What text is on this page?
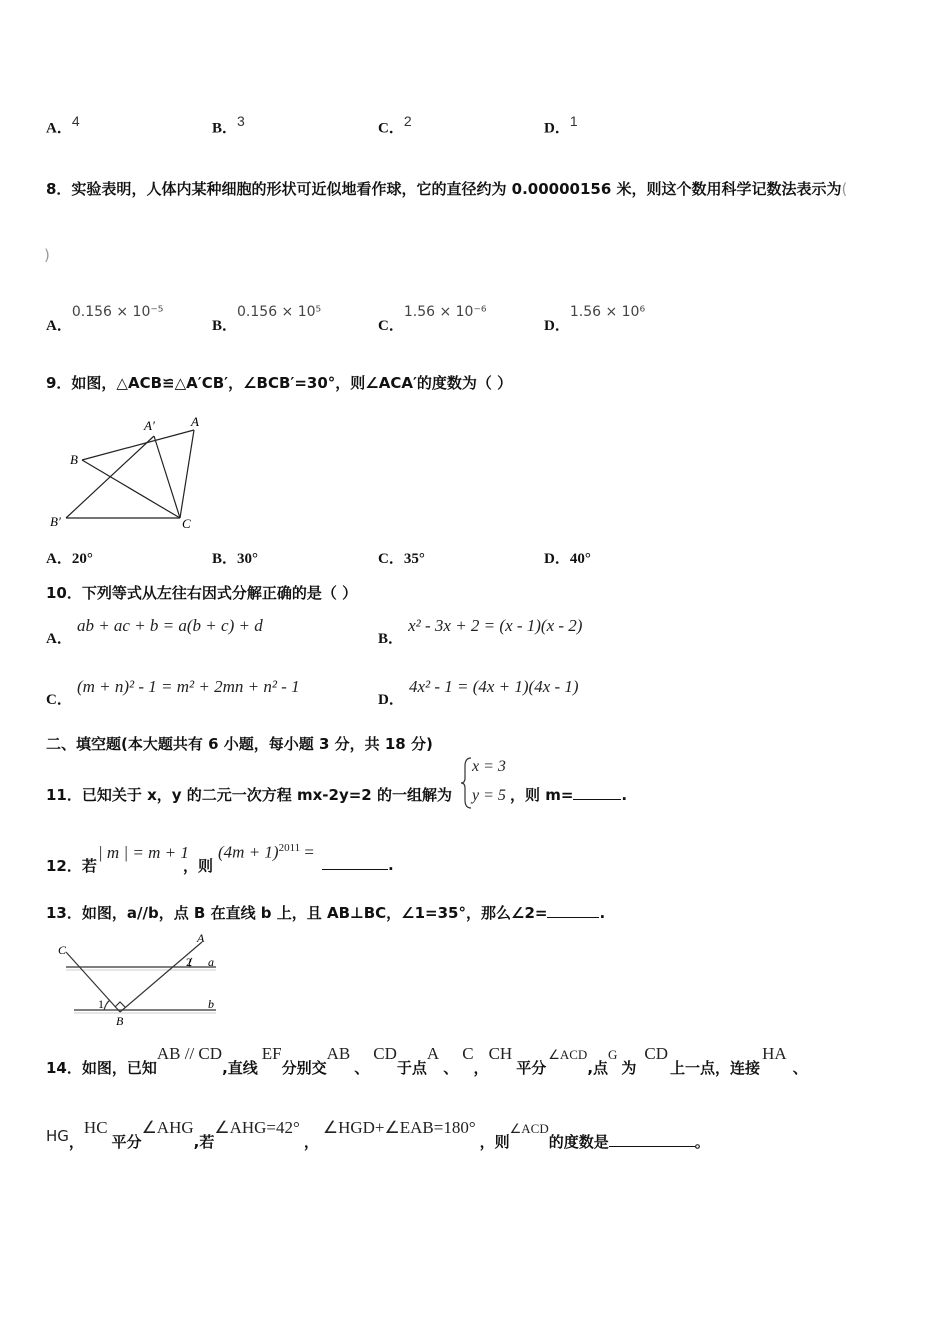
A．$^4$	B．$^3$	C．$^2$	D．$^1$
8．实验表明，人体内某种细胞的形状可近似地看作球，它的直径约为 0.00000156 米，则这个数用科学记数法表示为(
)
A．0.156 × 10⁻⁵
B．0.156 × 10⁵
C．1.56 × 10⁻⁶
D．1.56 × 10⁶
9．如图，△ACB≌△A′CB′，∠BCB′=30°，则∠ACA′的度数为（ ）
A
A′
B
B′	C
A．20°	B．30°	C．35°	D．40°
10．下列等式从左往右因式分解正确的是（ ）
A． ab + ac + b = a(b + c) + d
B． x² - 3x + 2 = (x - 1)(x - 2)
C． (m + n)² - 1 = m² + 2mn + n² - 1
D． 4x² - 1 = (4x + 1)(4x - 1)
二、填空题(本大题共有 6 小题，每小题 3 分，共 18 分)
11．已知关于 x，y 的二元一次方程 mx-2y=2 的一组解为
x = 3
y = 5 ，则 m=	.
12．若
| m | = m + 1
，则
$(4m + 1)^{2011}$ =
.
13．如图，a//b，点 B 在直线 b 上，且 AB⊥BC，∠1=35°，那么∠2=	.
C
A
B
a
b
1
2
14．如图，已知AB // CD,直线EF分别交AB、CD于点A、C，CH平分∠ACD,点G为CD上一点，连接HA、
HG，HC平分∠AHG,若∠AHG=42°，∠HGD+∠EAB=180°，则∠ACD的度数是	。
